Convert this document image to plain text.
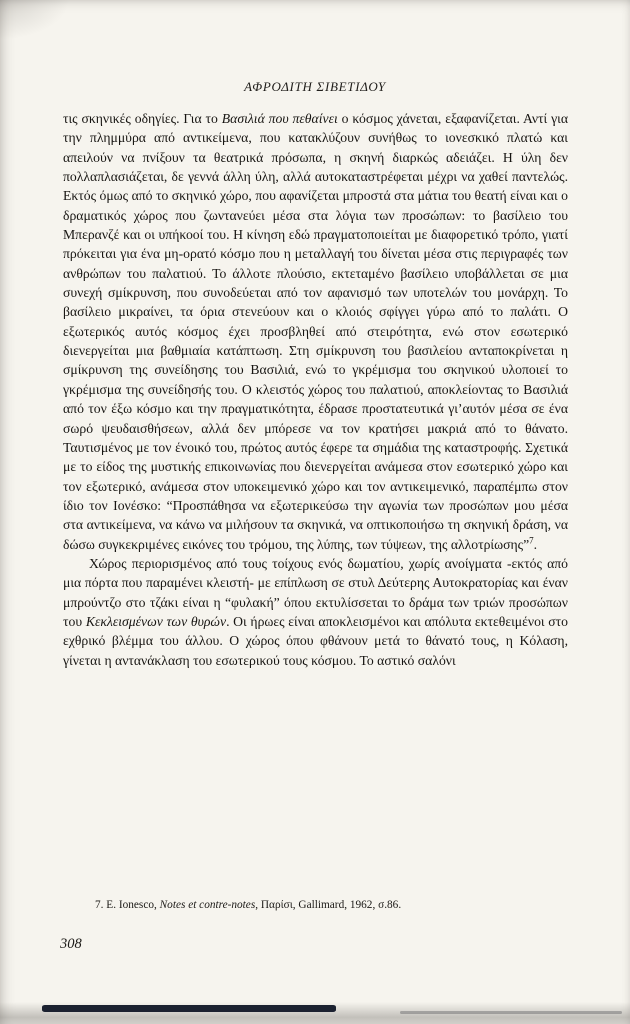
ΑΦΡΟΔΙΤΗ ΣΙΒΕΤΙΔΟΥ

τις σκηνικές οδηγίες. Για το Βασιλιά που πεθαίνει ο κόσμος χάνεται, εξαφανίζεται. Αντί για την πλημμύρα από αντικείμενα, που κατακλύζουν συνήθως το ιονεσκικό πλατώ και απειλούν να πνίξουν τα θεατρικά πρόσωπα, η σκηνή διαρκώς αδειάζει. Η ύλη δεν πολλαπλασιάζεται, δε γεννά άλλη ύλη, αλλά αυτοκαταστρέφεται μέχρι να χαθεί παντελώς. Εκτός όμως από το σκηνικό χώρο, που αφανίζεται μπροστά στα μάτια του θεατή είναι και ο δραματικός χώρος που ζωντανεύει μέσα στα λόγια των προσώπων: το βασίλειο του Μπερανζέ και οι υπήκοοί του. Η κίνηση εδώ πραγματοποιείται με διαφορετικό τρόπο, γιατί πρόκειται για ένα μη-ορατό κόσμο που η μεταλλαγή του δίνεται μέσα στις περιγραφές των ανθρώπων του παλατιού. Το άλλοτε πλούσιο, εκτεταμένο βασίλειο υποβάλλεται σε μια συνεχή σμίκρυνση, που συνοδεύεται από τον αφανισμό των υποτελών του μονάρχη. Το βασίλειο μικραίνει, τα όρια στενεύουν και ο κλοιός σφίγγει γύρω από το παλάτι. Ο εξωτερικός αυτός κόσμος έχει προσβληθεί από στειρότητα, ενώ στον εσωτερικό διενεργείται μια βαθμιαία κατάπτωση. Στη σμίκρυνση του βασιλείου ανταποκρίνεται η σμίκρυνση της συνείδησης του Βασιλιά, ενώ το γκρέμισμα του σκηνικού υλοποιεί το γκρέμισμα της συνείδησής του. Ο κλειστός χώρος του παλατιού, αποκλείοντας το Βασιλιά από τον έξω κόσμο και την πραγματικότητα, έδρασε προστατευτικά γι’αυτόν μέσα σε ένα σωρό ψευδαισθήσεων, αλλά δεν μπόρεσε να τον κρατήσει μακριά από το θάνατο. Ταυτισμένος με τον ένοικό του, πρώτος αυτός έφερε τα σημάδια της καταστροφής. Σχετικά με το είδος της μυστικής επικοινωνίας που διενεργείται ανάμεσα στον εσωτερικό χώρο και τον εξωτερικό, ανάμεσα στον υποκειμενικό χώρο και τον αντικειμενικό, παραπέμπω στον ίδιο τον Ιονέσκο: “Προσπάθησα να εξωτερικεύσω την αγωνία των προσώπων μου μέσα στα αντικείμενα, να κάνω να μιλήσουν τα σκηνικά, να οπτικοποιήσω τη σκηνική δράση, να δώσω συγκεκριμένες εικόνες του τρόμου, της λύπης, των τύψεων, της αλλοτρίωσης”$^7$.

Χώρος περιορισμένος από τους τοίχους ενός δωματίου, χωρίς ανοίγματα -εκτός από μια πόρτα που παραμένει κλειστή- με επίπλωση σε στυλ Δεύτερης Αυτοκρατορίας και έναν μπρούντζο στο τζάκι είναι η “φυλακή” όπου εκτυλίσσεται το δράμα των τριών προσώπων του Κεκλεισμένων των θυρών. Οι ήρωες είναι αποκλεισμένοι και απόλυτα εκτεθειμένοι στο εχθρικό βλέμμα του άλλου. Ο χώρος όπου φθάνουν μετά το θάνατό τους, η Κόλαση, γίνεται η αντανάκλαση του εσωτερικού τους κόσμου. Το αστικό σαλόνι

7. E. Ionesco, Notes et contre-notes, Παρίσι, Gallimard, 1962, σ.86.
308
